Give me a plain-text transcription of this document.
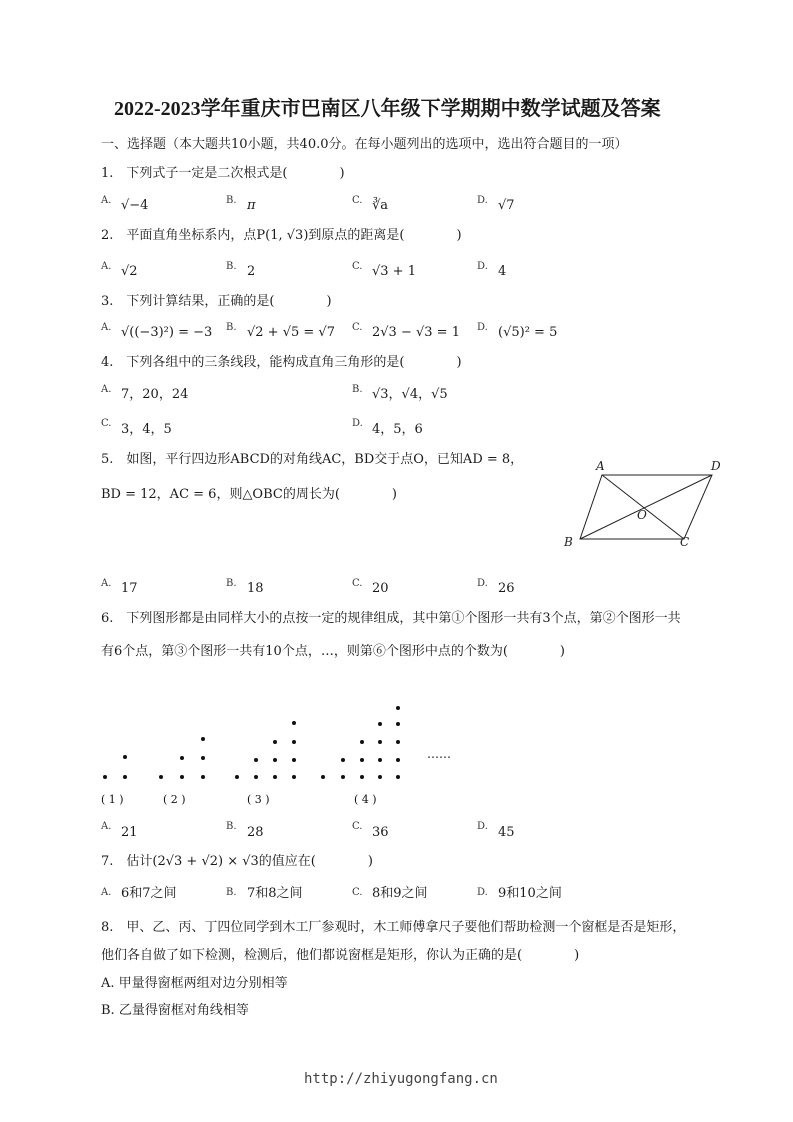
2022-2023学年重庆市巴南区八年级下学期期中数学试题及答案
一、选择题（本大题共10小题，共40.0分。在每小题列出的选项中，选出符合题目的一项）
1.　下列式子一定是二次根式是(　　　　)
A. √−4	B. π	C. ∛a	D. √7
2.　平面直角坐标系内，点P(1, √3)到原点的距离是(　　　　)
A. √2	B. 2	C. √3 + 1	D. 4
3.　下列计算结果，正确的是(　　　　)
A. √((−3)²) = −3 B. √2 + √5 = √7 C. 2√3 − √3 = 1 D. (√5)² = 5
4.　下列各组中的三条线段，能构成直角三角形的是(　　　　)
A. 7，20，24	B. √3，√4，√5
C. 3，4，5	D. 4，5，6
5.　如图，平行四边形ABCD的对角线AC，BD交于点O，已知AD = 8，
BD = 12，AC = 6，则△OBC的周长为(　　　　)
A	D
B	C
O
A. 17	B. 18	C. 20	D. 26
6.　下列图形都是由同样大小的点按一定的规律组成，其中第①个图形一共有3个点，第②个图形一共
有6个点，第③个图形一共有10个点，…，则第⑥个图形中点的个数为(　　　　)
……
( 1 )	( 2 )	( 3 )	( 4 )
A. 21	B. 28	C. 36	D. 45
7.　估计(2√3 + √2) × √3的值应在(　　　　)
A. 6和7之间	B. 7和8之间	C. 8和9之间	D. 9和10之间
8.　甲、乙、丙、丁四位同学到木工厂参观时，木工师傅拿尺子要他们帮助检测一个窗框是否是矩形，
他们各自做了如下检测，检测后，他们都说窗框是矩形，你认为正确的是(　　　　)
A. 甲量得窗框两组对边分别相等
B. 乙量得窗框对角线相等
http://zhiyugongfang.cn
